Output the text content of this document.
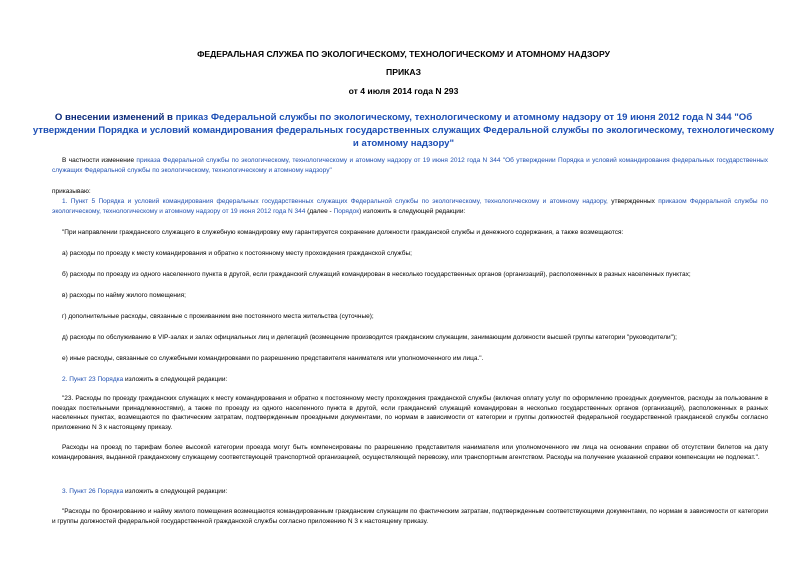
ФЕДЕРАЛЬНАЯ СЛУЖБА ПО ЭКОЛОГИЧЕСКОМУ, ТЕХНОЛОГИЧЕСКОМУ И АТОМНОМУ НАДЗОРУ
ПРИКАЗ
от 4 июля 2014 года N 293
О внесении изменений в приказ Федеральной службы по экологическому, технологическому и атомному надзору от 19 июня 2012 года N 344 "Об утверждении Порядка и условий командирования федеральных государственных служащих Федеральной службы по экологическому, технологическому и атомному надзору"
В частности изменение приказа Федеральной службы по экологическому, технологическому и атомному надзору от 19 июня 2012 года N 344 "Об утверждении Порядка и условий командирования федеральных государственных служащих Федеральной службы по экологическому, технологическому и атомному надзору"
приказываю:
1. Пункт 5 Порядка и условий командирования федеральных государственных служащих Федеральной службы по экологическому, технологическому и атомному надзору, утвержденных приказом Федеральной службы по экологическому, технологическому и атомному надзору от 19 июня 2012 года N 344 (далее - Порядок) изложить в следующей редакции:
"При направлении гражданского служащего в служебную командировку ему гарантируется сохранение должности гражданской службы и денежного содержания, а также возмещаются:
а) расходы по проезду к месту командирования и обратно к постоянному месту прохождения гражданской службы;
б) расходы по проезду из одного населенного пункта в другой, если гражданский служащий командирован в несколько государственных органов (организаций), расположенных в разных населенных пунктах;
в) расходы по найму жилого помещения;
г) дополнительные расходы, связанные с проживанием вне постоянного места жительства (суточные);
д) расходы по обслуживанию в VIP-залах и залах официальных лиц и делегаций (возмещение производится гражданским служащим, занимающим должности высшей группы категории "руководители");
е) иные расходы, связанные со служебными командировками по разрешению представителя нанимателя или уполномоченного им лица.".
2. Пункт 23 Порядка изложить в следующей редакции:
"23. Расходы по проезду гражданских служащих к месту командирования и обратно к постоянному месту прохождения гражданской службы (включая оплату услуг по оформлению проездных документов, расходы за пользование в поездах постельными принадлежностями), а также по проезду из одного населенного пункта в другой, если гражданский служащий командирован в несколько государственных органов (организаций), расположенных в разных населенных пунктах, возмещаются по фактическим затратам, подтвержденным проездными документами, по нормам в зависимости от категории и группы должностей федеральной государственной гражданской службы согласно приложению N 3 к настоящему приказу.
Расходы на проезд по тарифам более высокой категории проезда могут быть компенсированы по разрешению представителя нанимателя или уполномоченного им лица на основании справки об отсутствии билетов на дату командирования, выданной гражданскому служащему соответствующей транспортной организацией, осуществляющей перевозку, или транспортным агентством. Расходы на получение указанной справки компенсации не подлежат.".
3. Пункт 26 Порядка изложить в следующей редакции:
"Расходы по бронированию и найму жилого помещения возмещаются командированным гражданским служащим по фактическим затратам, подтвержденным соответствующими документами, по нормам в зависимости от категории и группы должностей федеральной государственной гражданской службы согласно приложению N 3 к настоящему приказу.
